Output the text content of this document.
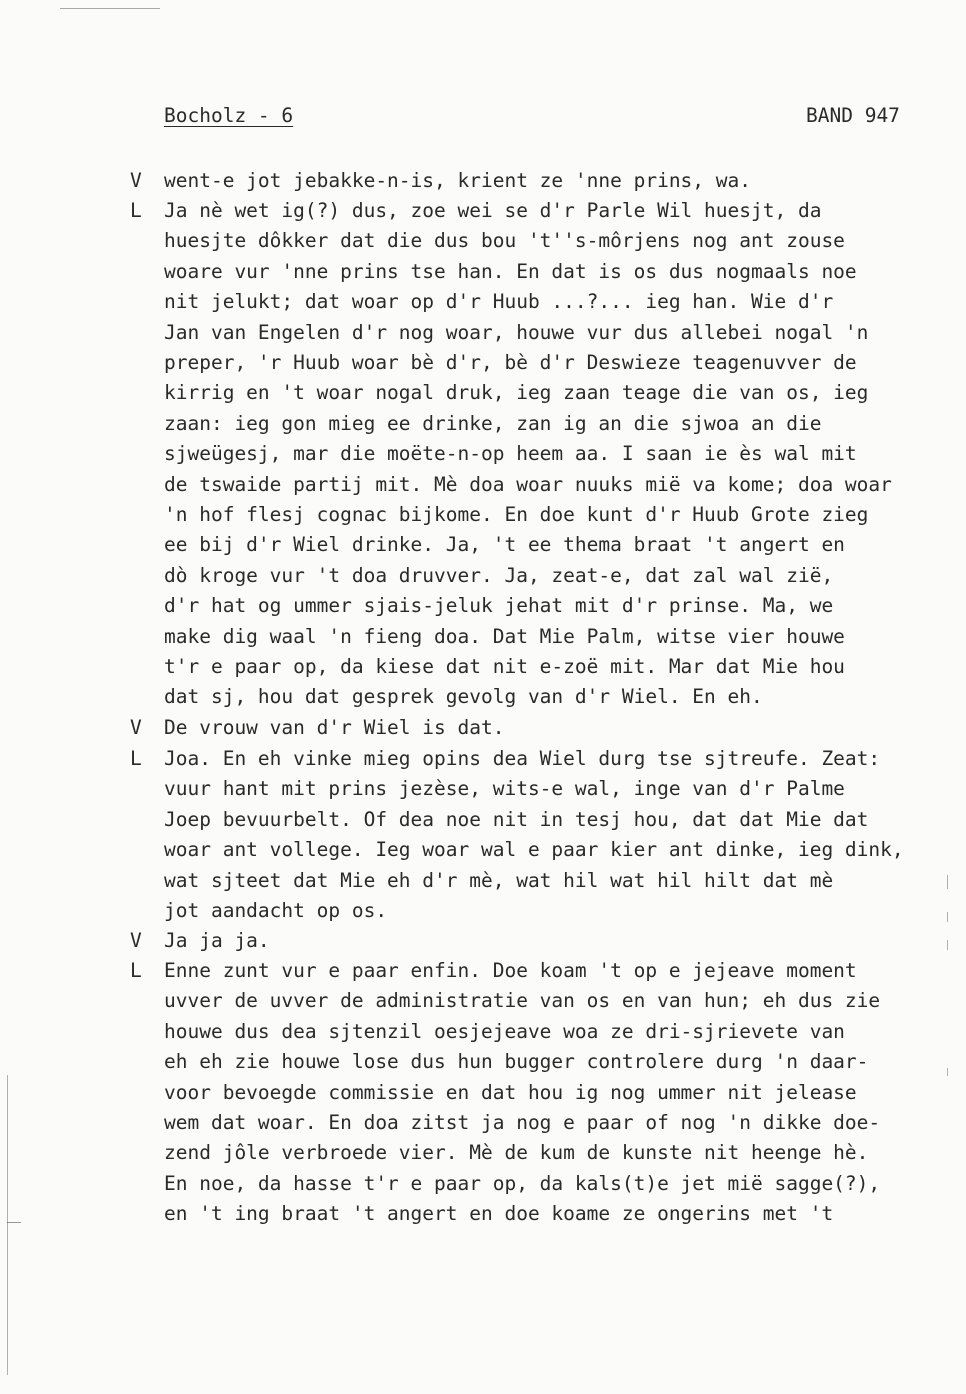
Bocholz - 6	BAND 947
V went-e jot jebakke-n-is, krient ze 'nne prins, wa.
L Ja nè wet ig(?) dus, zoe wei se d'r Parle Wil huesjt, da
huesjte dôkker dat die dus bou 't''s-môrjens nog ant zouse
woare vur 'nne prins tse han. En dat is os dus nogmaals noe
nit jelukt; dat woar op d'r Huub ...?... ieg han. Wie d'r
Jan van Engelen d'r nog woar, houwe vur dus allebei nogal 'n
preper, 'r Huub woar bè d'r, bè d'r Deswieze teagenuvver de
kirrig en 't woar nogal druk, ieg zaan teage die van os, ieg
zaan: ieg gon mieg ee drinke, zan ig an die sjwoa an die
sjweügesj, mar die moëte-n-op heem aa. I saan ie ès wal mit
de tswaide partij mit. Mè doa woar nuuks mië va kome; doa woar
'n hof flesj cognac bijkome. En doe kunt d'r Huub Grote zieg
ee bij d'r Wiel drinke. Ja, 't ee thema braat 't angert en
dò kroge vur 't doa druvver. Ja, zeat-e, dat zal wal zië,
d'r hat og ummer sjais-jeluk jehat mit d'r prinse. Ma, we
make dig waal 'n fieng doa. Dat Mie Palm, witse vier houwe
t'r e paar op, da kiese dat nit e-zoë mit. Mar dat Mie hou
dat sj, hou dat gesprek gevolg van d'r Wiel. En eh.
V De vrouw van d'r Wiel is dat.
L Joa. En eh vinke mieg opins dea Wiel durg tse sjtreufe. Zeat:
vuur hant mit prins jezèse, wits-e wal, inge van d'r Palme
Joep bevuurbelt. Of dea noe nit in tesj hou, dat dat Mie dat
woar ant vollege. Ieg woar wal e paar kier ant dinke, ieg dink,
wat sjteet dat Mie eh d'r mè, wat hil wat hil hilt dat mè
jot aandacht op os.
V Ja ja ja.
L Enne zunt vur e paar enfin. Doe koam 't op e jejeave moment
uvver de uvver de administratie van os en van hun; eh dus zie
houwe dus dea sjtenzil oesjejeave woa ze dri-sjrievete van
eh eh zie houwe lose dus hun bugger controlere durg 'n daar-
voor bevoegde commissie en dat hou ig nog ummer nit jelease
wem dat woar. En doa zitst ja nog e paar of nog 'n dikke doe-
zend jôle verbroede vier. Mè de kum de kunste nit heenge hè.
En noe, da hasse t'r e paar op, da kals(t)e jet mië sagge(?),
en 't ing braat 't angert en doe koame ze ongerins met 't
